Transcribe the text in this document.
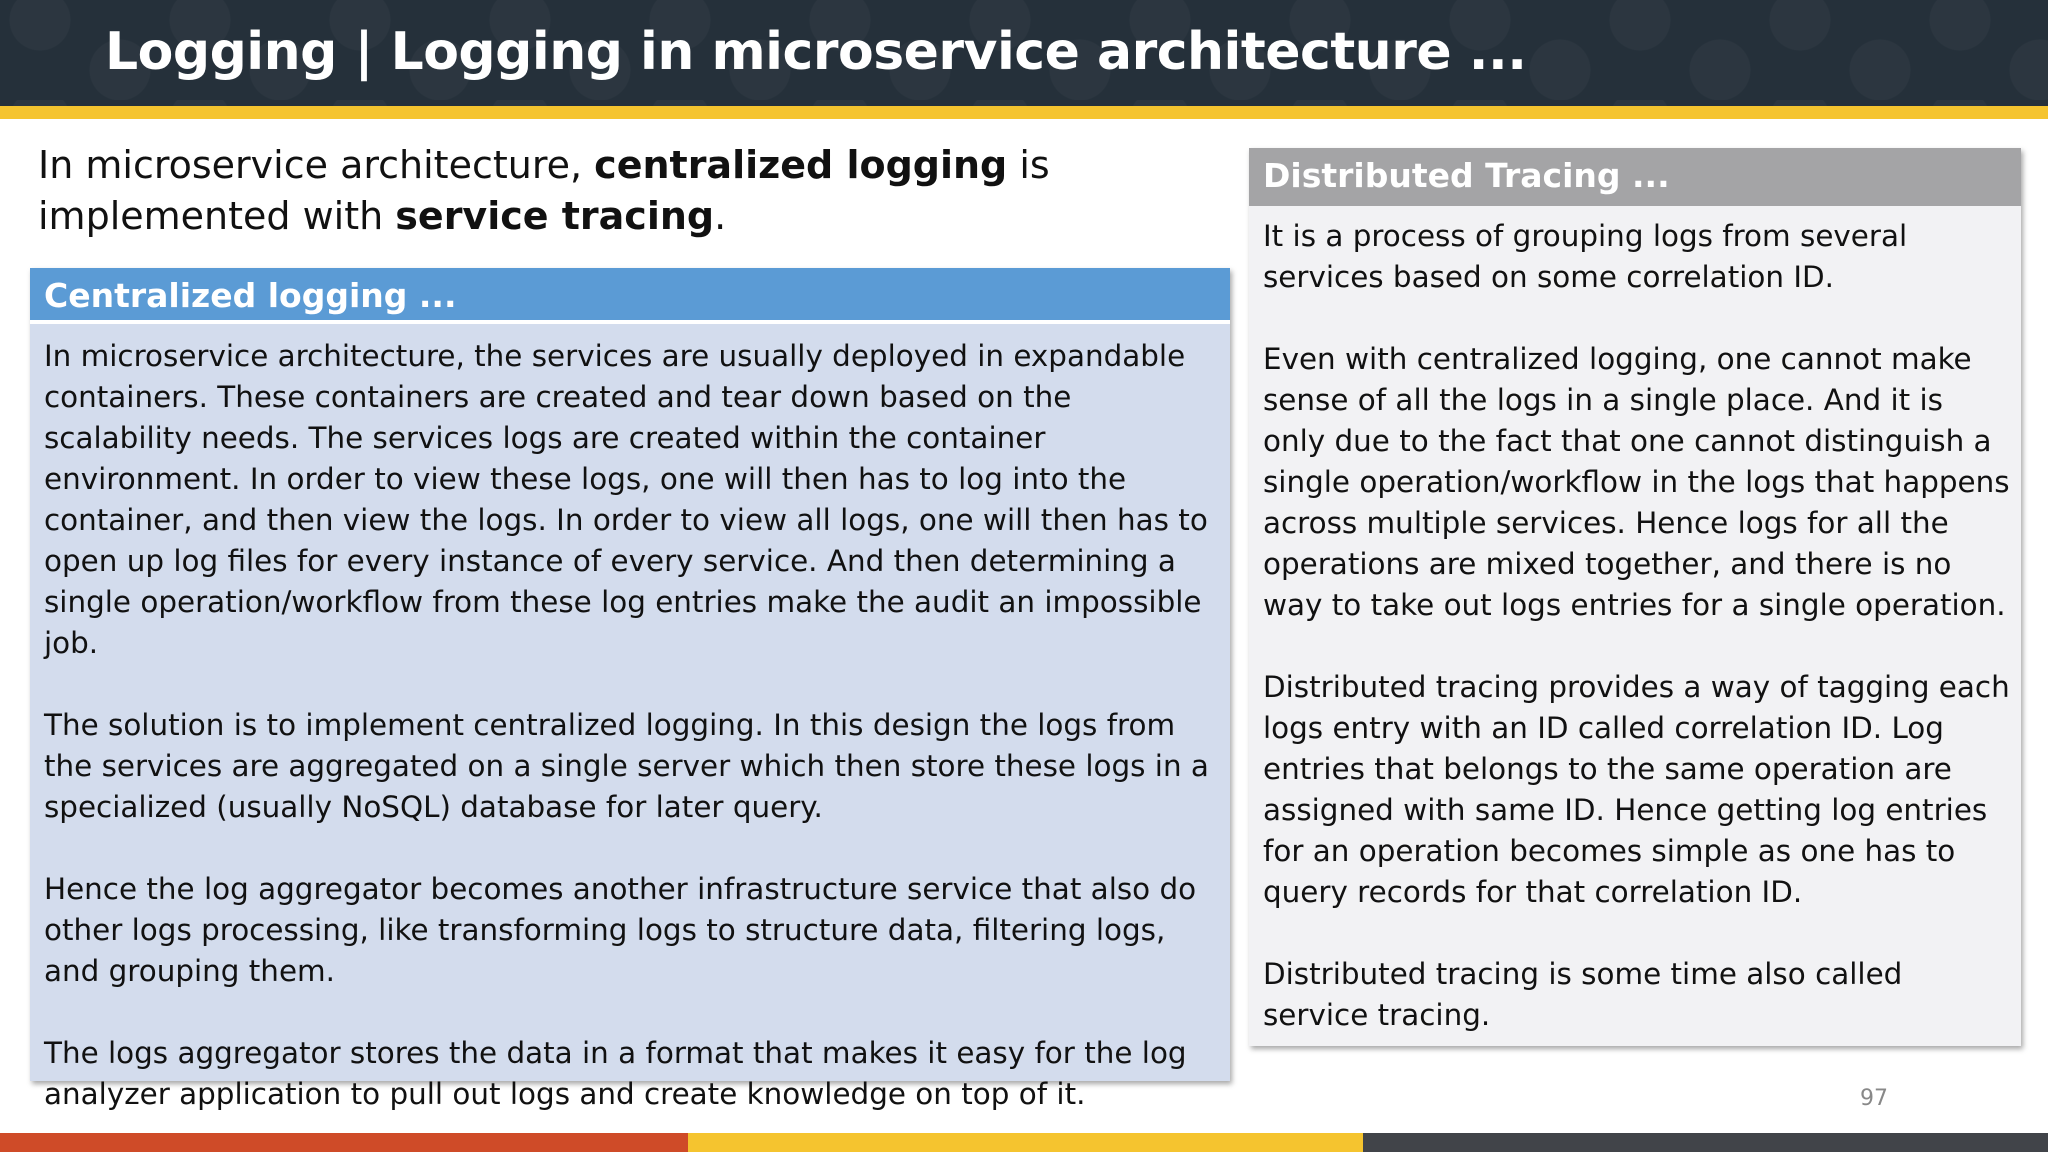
Logging | Logging in microservice architecture ...
In microservice architecture, centralized logging is implemented with service tracing.
Centralized logging ...

In microservice architecture, the services are usually deployed in expandable containers. These containers are created and tear down based on the scalability needs. The services logs are created within the container environment. In order to view these logs, one will then has to log into the container, and then view the logs. In order to view all logs, one will then has to open up log files for every instance of every service. And then determining a single operation/workflow from these log entries make the audit an impossible job.

The solution is to implement centralized logging. In this design the logs from the services are aggregated on a single server which then store these logs in a specialized (usually NoSQL) database for later query.

Hence the log aggregator becomes another infrastructure service that also do other logs processing, like transforming logs to structure data, filtering logs, and grouping them.

The logs aggregator stores the data in a format that makes it easy for the log analyzer application to pull out logs and create knowledge on top of it.

Distributed Tracing ...

It is a process of grouping logs from several services based on some correlation ID.

Even with centralized logging, one cannot make sense of all the logs in a single place. And it is only due to the fact that one cannot distinguish a single operation/workflow in the logs that happens across multiple services. Hence logs for all the operations are mixed together, and there is no way to take out logs entries for a single operation.

Distributed tracing provides a way of tagging each logs entry with an ID called correlation ID. Log entries that belongs to the same operation are assigned with same ID. Hence getting log entries for an operation becomes simple as one has to query records for that correlation ID.

Distributed tracing is some time also called service tracing.

97
